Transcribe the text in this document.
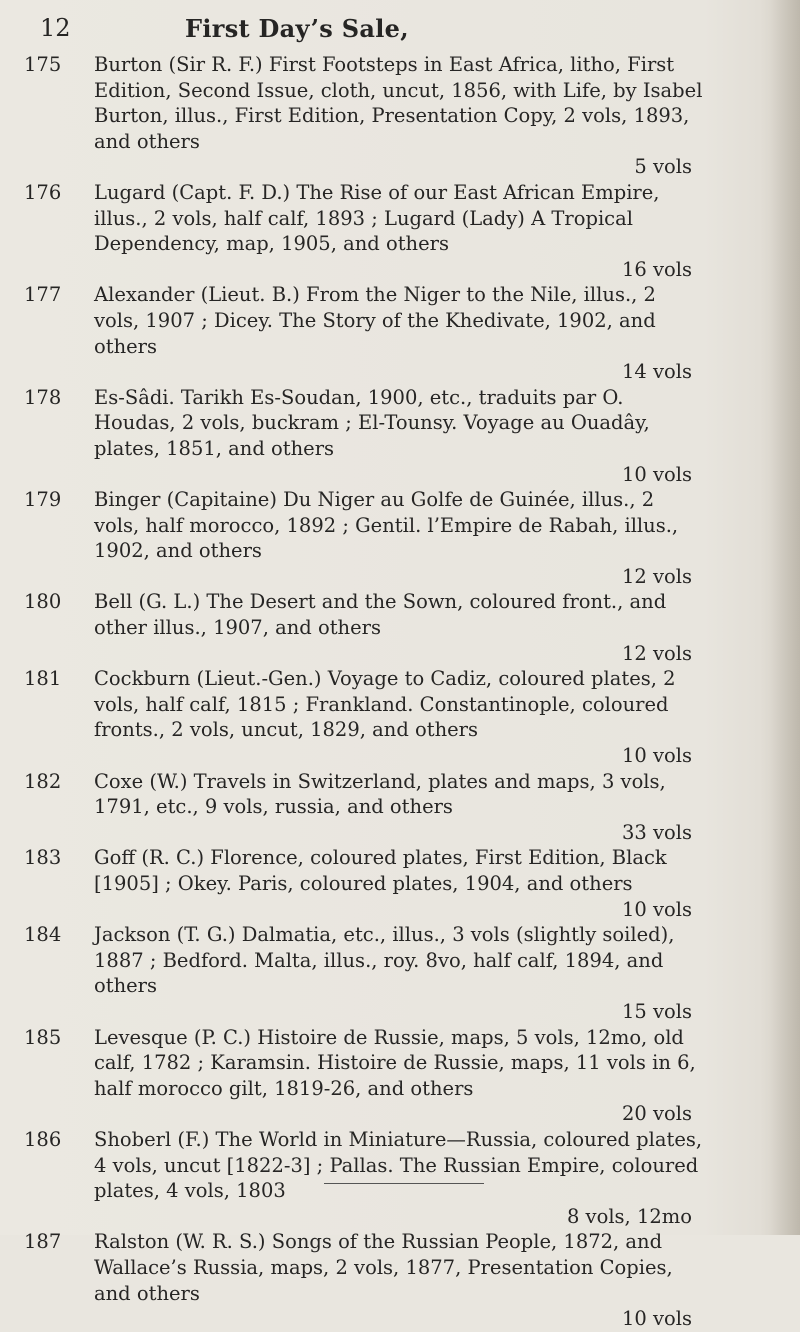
12	First Day’s Sale,
175	Burton (Sir R. F.) First Footsteps in East Africa, litho, First Edition, Second Issue, cloth, uncut, 1856, with Life, by Isabel Burton, illus., First Edition, Presentation Copy, 2 vols, 1893, and others
5 vols
176	Lugard (Capt. F. D.) The Rise of our East African Empire, illus., 2 vols, half calf, 1893 ; Lugard (Lady) A Tropical Dependency, map, 1905, and others
16 vols
177	Alexander (Lieut. B.) From the Niger to the Nile, illus., 2 vols, 1907 ; Dicey. The Story of the Khedivate, 1902, and others
14 vols
178	Es-Sâdi. Tarikh Es-Soudan, 1900, etc., traduits par O. Houdas, 2 vols, buckram ; El-Tounsy. Voyage au Ouadây, plates, 1851, and others
10 vols
179	Binger (Capitaine) Du Niger au Golfe de Guinée, illus., 2 vols, half morocco, 1892 ; Gentil. l’Empire de Rabah, illus., 1902, and others
12 vols
180	Bell (G. L.) The Desert and the Sown, coloured front., and other illus., 1907, and others
12 vols
181	Cockburn (Lieut.-Gen.) Voyage to Cadiz, coloured plates, 2 vols, half calf, 1815 ; Frankland. Constantinople, coloured fronts., 2 vols, uncut, 1829, and others
10 vols
182	Coxe (W.) Travels in Switzerland, plates and maps, 3 vols, 1791, etc., 9 vols, russia, and others
33 vols
183	Goff (R. C.) Florence, coloured plates, First Edition, Black [1905] ; Okey. Paris, coloured plates, 1904, and others
10 vols
184	Jackson (T. G.) Dalmatia, etc., illus., 3 vols (slightly soiled), 1887 ; Bedford. Malta, illus., roy. 8vo, half calf, 1894, and others
15 vols
185	Levesque (P. C.) Histoire de Russie, maps, 5 vols, 12mo, old calf, 1782 ; Karamsin. Histoire de Russie, maps, 11 vols in 6, half morocco gilt, 1819-26, and others
20 vols
186	Shoberl (F.) The World in Miniature—Russia, coloured plates, 4 vols, uncut [1822-3] ; Pallas. The Russian Empire, coloured plates, 4 vols, 1803
8 vols, 12mo
187	Ralston (W. R. S.) Songs of the Russian People, 1872, and Wallace’s Russia, maps, 2 vols, 1877, Presentation Copies, and others
10 vols
